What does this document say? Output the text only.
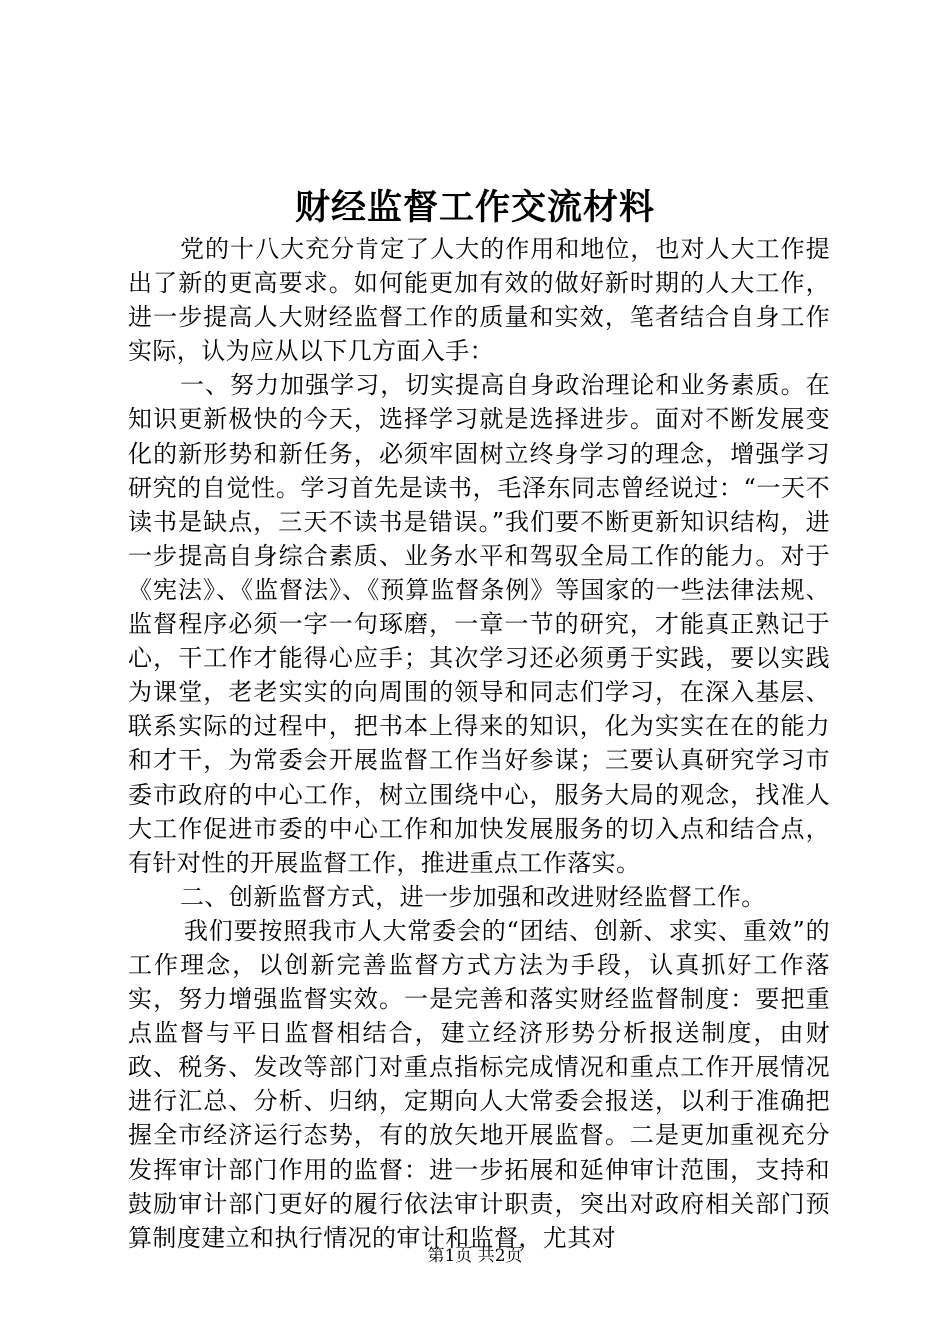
财经监督工作交流材料

党的十八大充分肯定了人大的作用和地位，也对人大工作提出了新的更高要求。如何能更加有效的做好新时期的人大工作，进一步提高人大财经监督工作的质量和实效，笔者结合自身工作实际，认为应从以下几方面入手：

一、努力加强学习，切实提高自身政治理论和业务素质。在知识更新极快的今天，选择学习就是选择进步。面对不断发展变化的新形势和新任务，必须牢固树立终身学习的理念，增强学习研究的自觉性。学习首先是读书，毛泽东同志曾经说过：“一天不读书是缺点，三天不读书是错误。”我们要不断更新知识结构，进一步提高自身综合素质、业务水平和驾驭全局工作的能力。对于《宪法》、《监督法》、《预算监督条例》等国家的一些法律法规、监督程序必须一字一句琢磨，一章一节的研究，才能真正熟记于心，干工作才能得心应手；其次学习还必须勇于实践，要以实践为课堂，老老实实的向周围的领导和同志们学习，在深入基层、联系实际的过程中，把书本上得来的知识，化为实实在在的能力和才干，为常委会开展监督工作当好参谋；三要认真研究学习市委市政府的中心工作，树立围绕中心，服务大局的观念，找准人大工作促进市委的中心工作和加快发展服务的切入点和结合点，有针对性的开展监督工作，推进重点工作落实。

二、创新监督方式，进一步加强和改进财经监督工作。

我们要按照我市人大常委会的“团结、创新、求实、重效”的工作理念，以创新完善监督方式方法为手段，认真抓好工作落实，努力增强监督实效。一是完善和落实财经监督制度：要把重点监督与平日监督相结合，建立经济形势分析报送制度，由财政、税务、发改等部门对重点指标完成情况和重点工作开展情况进行汇总、分析、归纳，定期向人大常委会报送，以利于准确把握全市经济运行态势，有的放矢地开展监督。二是更加重视充分发挥审计部门作用的监督：进一步拓展和延伸审计范围，支持和鼓励审计部门更好的履行依法审计职责，突出对政府相关部门预算制度建立和执行情况的审计和监督，尤其对

第1页 共2页
